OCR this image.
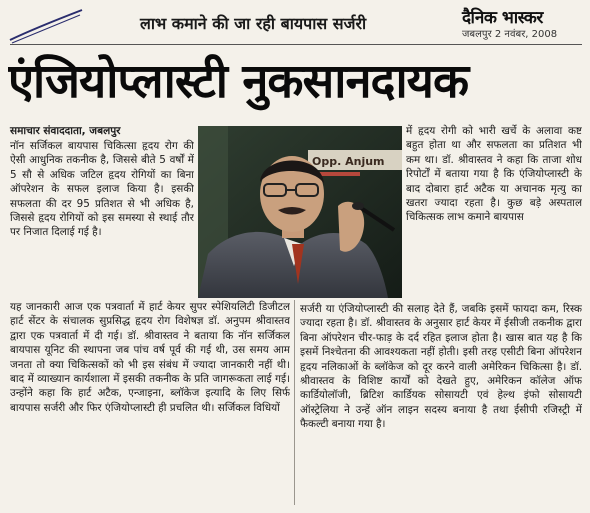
लाभ कमाने की जा रही बायपास सर्जरी	दैनिक भास्कर
जबलपुर 2 नवंबर, 2008
एंजियोप्लास्टी नुकसानदायक
समाचार संवाददाता, जबलपुर
नॉन सर्जिकल बायपास चिकित्सा हृदय रोग की ऐसी आधुनिक तकनीक है, जिससे बीते 5 वर्षों में 5 सौ से अधिक जटिल हृदय रोगियों का बिना ऑपरेशन के सफल इलाज किया है। इसकी सफलता की दर 95 प्रतिशत से भी अधिक है, जिससे हृदय रोगियों को इस समस्या से स्थाई तौर पर निजात दिलाई गई है।
Opp. Anjum
में हृदय रोगी को भारी खर्चे के अलावा कष्ट बहुत होता था और सफलता का प्रतिशत भी कम था। डॉ. श्रीवास्तव ने कहा कि ताजा शोध रिपोर्टों में बताया गया है कि एंजियोप्लास्टी के बाद दोबारा हार्ट अटैक या अचानक मृत्यु का खतरा ज्यादा रहता है। कुछ बड़े अस्पताल चिकित्सक लाभ कमाने बायपास
यह जानकारी आज एक पत्रवार्ता में हार्ट केयर सुपर स्पेशियलिटी डिजीटल हार्ट सेंटर के संचालक सुप्रसिद्ध हृदय रोग विशेषज्ञ डॉ. अनुपम श्रीवास्तव द्वारा एक पत्रवार्ता में दी गई। डॉ. श्रीवास्तव ने बताया कि नॉन सर्जिकल बायपास यूनिट की स्थापना जब पांच वर्ष पूर्व की गई थी, उस समय आम जनता तो क्या चिकित्सकों को भी इस संबंध में ज्यादा जानकारी नहीं थी। बाद में व्याख्यान कार्यशाला में इसकी तकनीक के प्रति जागरूकता लाई गई। उन्होंने कहा कि हार्ट अटैक, एन्जाइना, ब्लॉकेज इत्यादि के लिए सिर्फ बायपास सर्जरी और फिर एंजियोप्लास्टी ही प्रचलित थी। सर्जिकल विधियों
सर्जरी या एंजियोप्लास्टी की सलाह देते हैं, जबकि इसमें फायदा कम, रिस्क ज्यादा रहता है। डॉ. श्रीवास्तव के अनुसार हार्ट केयर में ईसीजी तकनीक द्वारा बिना ऑपरेशन चीर-फाड़ के दर्द रहित इलाज होता है। खास बात यह है कि इसमें निश्चेतना की आवश्यकता नहीं होती। इसी तरह एसीटी बिना ऑपरेशन हृदय नलिकाओं के ब्लॉकेज को दूर करने वाली अमेरिकन चिकित्सा है। डॉ. श्रीवास्तव के विशिष्ट कार्यों को देखते हुए, अमेरिकन कॉलेज ऑफ कार्डियोलॉजी, ब्रिटिश कार्डियक सोसायटी एवं हेल्थ इंफो सोसायटी ऑस्ट्रेलिया ने उन्हें ऑन लाइन सदस्य बनाया है तथा ईसीपी रजिस्ट्री में फैकल्टी बनाया गया है।
